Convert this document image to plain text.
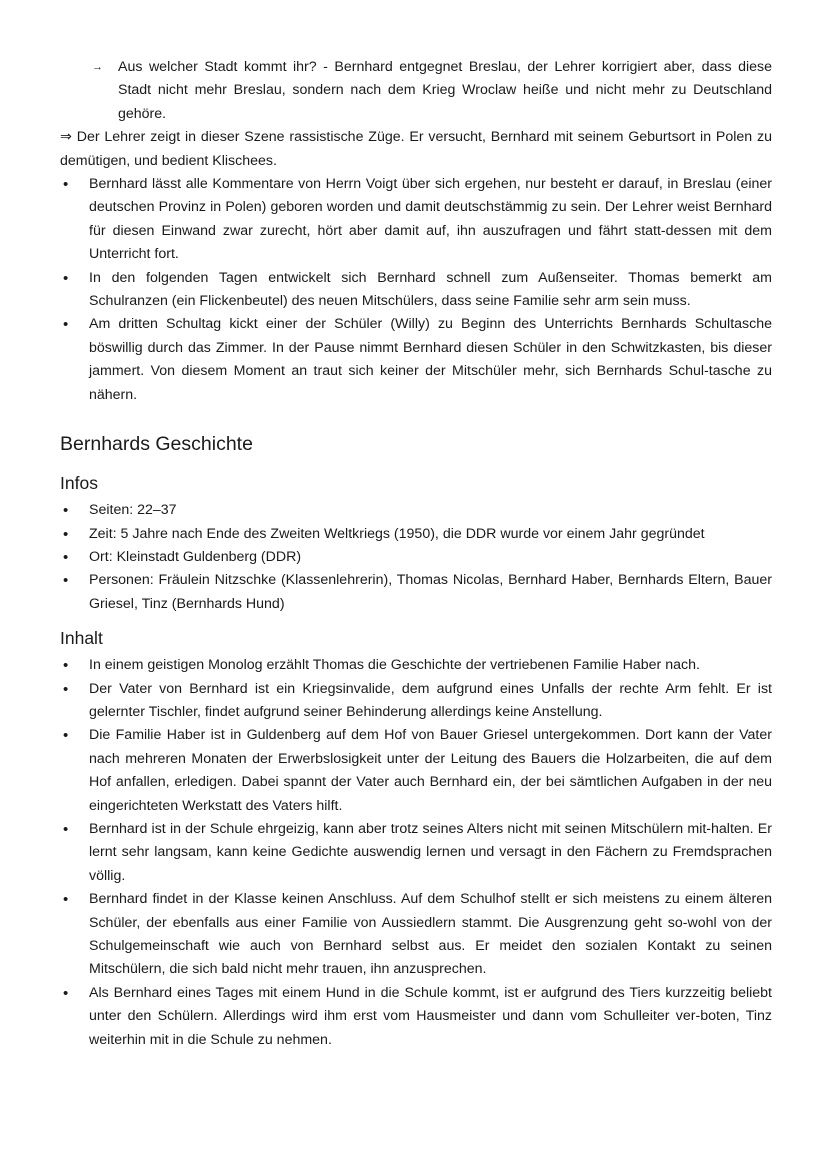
→	Aus welcher Stadt kommt ihr? - Bernhard entgegnet Breslau, der Lehrer korrigiert aber, dass diese Stadt nicht mehr Breslau, sondern nach dem Krieg Wroclaw heiße und nicht mehr zu Deutschland gehöre.
⇒ Der Lehrer zeigt in dieser Szene rassistische Züge. Er versucht, Bernhard mit seinem Geburtsort in Polen zu demütigen, und bedient Klischees.
•	Bernhard lässt alle Kommentare von Herrn Voigt über sich ergehen, nur besteht er darauf, in Breslau (einer deutschen Provinz in Polen) geboren worden und damit deutschstämmig zu sein. Der Lehrer weist Bernhard für diesen Einwand zwar zurecht, hört aber damit auf, ihn auszufragen und fährt statt-dessen mit dem Unterricht fort.
•	In den folgenden Tagen entwickelt sich Bernhard schnell zum Außenseiter. Thomas bemerkt am Schulranzen (ein Flickenbeutel) des neuen Mitschülers, dass seine Familie sehr arm sein muss.
•	Am dritten Schultag kickt einer der Schüler (Willy) zu Beginn des Unterrichts Bernhards Schultasche böswillig durch das Zimmer. In der Pause nimmt Bernhard diesen Schüler in den Schwitzkasten, bis dieser jammert. Von diesem Moment an traut sich keiner der Mitschüler mehr, sich Bernhards Schul-tasche zu nähern.
Bernhards Geschichte
Infos
•	Seiten: 22–37
•	Zeit: 5 Jahre nach Ende des Zweiten Weltkriegs (1950), die DDR wurde vor einem Jahr gegründet
•	Ort: Kleinstadt Guldenberg (DDR)
•	Personen: Fräulein Nitzschke (Klassenlehrerin), Thomas Nicolas, Bernhard Haber, Bernhards Eltern, Bauer Griesel, Tinz (Bernhards Hund)
Inhalt
•	In einem geistigen Monolog erzählt Thomas die Geschichte der vertriebenen Familie Haber nach.
•	Der Vater von Bernhard ist ein Kriegsinvalide, dem aufgrund eines Unfalls der rechte Arm fehlt. Er ist gelernter Tischler, findet aufgrund seiner Behinderung allerdings keine Anstellung.
•	Die Familie Haber ist in Guldenberg auf dem Hof von Bauer Griesel untergekommen. Dort kann der Vater nach mehreren Monaten der Erwerbslosigkeit unter der Leitung des Bauers die Holzarbeiten, die auf dem Hof anfallen, erledigen. Dabei spannt der Vater auch Bernhard ein, der bei sämtlichen Aufgaben in der neu eingerichteten Werkstatt des Vaters hilft.
•	Bernhard ist in der Schule ehrgeizig, kann aber trotz seines Alters nicht mit seinen Mitschülern mit-halten. Er lernt sehr langsam, kann keine Gedichte auswendig lernen und versagt in den Fächern zu Fremdsprachen völlig.
•	Bernhard findet in der Klasse keinen Anschluss. Auf dem Schulhof stellt er sich meistens zu einem älteren Schüler, der ebenfalls aus einer Familie von Aussiedlern stammt. Die Ausgrenzung geht so-wohl von der Schulgemeinschaft wie auch von Bernhard selbst aus. Er meidet den sozialen Kontakt zu seinen Mitschülern, die sich bald nicht mehr trauen, ihn anzusprechen.
•	Als Bernhard eines Tages mit einem Hund in die Schule kommt, ist er aufgrund des Tiers kurzzeitig beliebt unter den Schülern. Allerdings wird ihm erst vom Hausmeister und dann vom Schulleiter ver-boten, Tinz weiterhin mit in die Schule zu nehmen.
